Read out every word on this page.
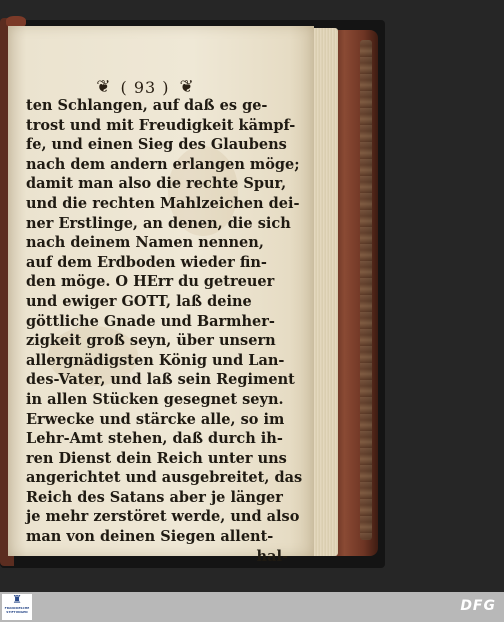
❦ ( 93 ) ❦
ten Schlangen, auf daß es ge-
trost und mit Freudigkeit kämpf-
fe, und einen Sieg des Glaubens
nach dem andern erlangen möge;
damit man also die rechte Spur,
und die rechten Mahlzeichen dei-
ner Erstlinge, an denen, die sich
nach deinem Namen nennen,
auf dem Erdboden wieder fin-
den möge. O HErr du getreuer
und ewiger GOTT, laß deine
göttliche Gnade und Barmher-
zigkeit groß seyn, über unsern
allergnädigsten König und Lan-
des-Vater, und laß sein Regiment
in allen Stücken gesegnet seyn.
Erwecke und stärcke alle, so im
Lehr-Amt stehen, daß durch ih-
ren Dienst dein Reich unter uns
angerichtet und ausgebreitet, das
Reich des Satans aber je länger
je mehr zerstöret werde, und also
man von deinen Siegen allent-
hal-
♜
FRANCKESCHE
STIFTUNGEN	DFG
